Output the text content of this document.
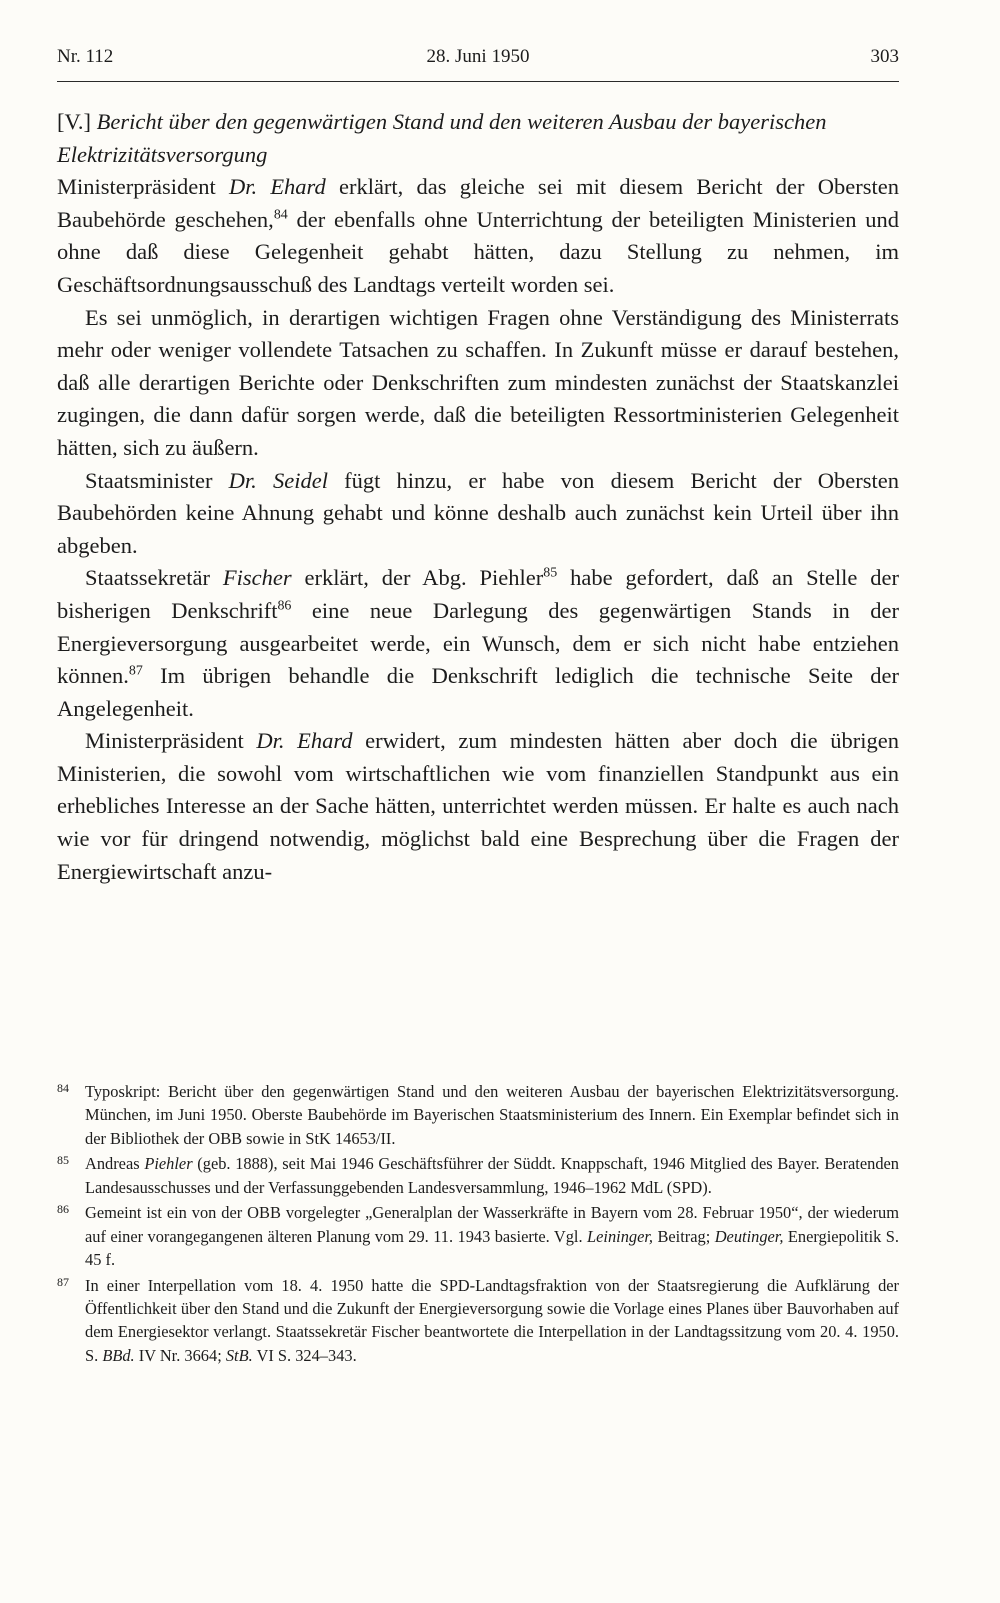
Nr. 112	28. Juni 1950	303

[V.] Bericht über den gegenwärtigen Stand und den weiteren Ausbau der bayerischen Elektrizitätsversorgung

Ministerpräsident Dr. Ehard erklärt, das gleiche sei mit diesem Bericht der Obersten Baubehörde geschehen,$^{84}$ der ebenfalls ohne Unterrichtung der beteiligten Ministerien und ohne daß diese Gelegenheit gehabt hätten, dazu Stellung zu nehmen, im Geschäftsordnungsausschuß des Landtags verteilt worden sei.

Es sei unmöglich, in derartigen wichtigen Fragen ohne Verständigung des Ministerrats mehr oder weniger vollendete Tatsachen zu schaffen. In Zukunft müsse er darauf bestehen, daß alle derartigen Berichte oder Denkschriften zum mindesten zunächst der Staatskanzlei zugingen, die dann dafür sorgen werde, daß die beteiligten Ressortministerien Gelegenheit hätten, sich zu äußern.

Staatsminister Dr. Seidel fügt hinzu, er habe von diesem Bericht der Obersten Baubehörden keine Ahnung gehabt und könne deshalb auch zunächst kein Urteil über ihn abgeben.

Staatssekretär Fischer erklärt, der Abg. Piehler$^{85}$ habe gefordert, daß an Stelle der bisherigen Denkschrift$^{86}$ eine neue Darlegung des gegenwärtigen Stands in der Energieversorgung ausgearbeitet werde, ein Wunsch, dem er sich nicht habe entziehen können.$^{87}$ Im übrigen behandle die Denkschrift lediglich die technische Seite der Angelegenheit.

Ministerpräsident Dr. Ehard erwidert, zum mindesten hätten aber doch die übrigen Ministerien, die sowohl vom wirtschaftlichen wie vom finanziellen Standpunkt aus ein erhebliches Interesse an der Sache hätten, unterrichtet werden müssen. Er halte es auch nach wie vor für dringend notwendig, möglichst bald eine Besprechung über die Fragen der Energiewirtschaft anzu-

84 Typoskript: Bericht über den gegenwärtigen Stand und den weiteren Ausbau der bayerischen Elektrizitätsversorgung. München, im Juni 1950. Oberste Baubehörde im Bayerischen Staatsministerium des Innern. Ein Exemplar befindet sich in der Bibliothek der OBB sowie in StK 14653/II.

85 Andreas Piehler (geb. 1888), seit Mai 1946 Geschäftsführer der Süddt. Knappschaft, 1946 Mitglied des Bayer. Beratenden Landesausschusses und der Verfassunggebenden Landesversammlung, 1946–1962 MdL (SPD).

86 Gemeint ist ein von der OBB vorgelegter „Generalplan der Wasserkräfte in Bayern vom 28. Februar 1950“, der wiederum auf einer vorangegangenen älteren Planung vom 29. 11. 1943 basierte. Vgl. Leininger, Beitrag; Deutinger, Energiepolitik S. 45 f.

87 In einer Interpellation vom 18. 4. 1950 hatte die SPD-Landtagsfraktion von der Staatsregierung die Aufklärung der Öffentlichkeit über den Stand und die Zukunft der Energieversorgung sowie die Vorlage eines Planes über Bauvorhaben auf dem Energiesektor verlangt. Staatssekretär Fischer beantwortete die Interpellation in der Landtagssitzung vom 20. 4. 1950. S. BBd. IV Nr. 3664; StB. VI S. 324–343.
